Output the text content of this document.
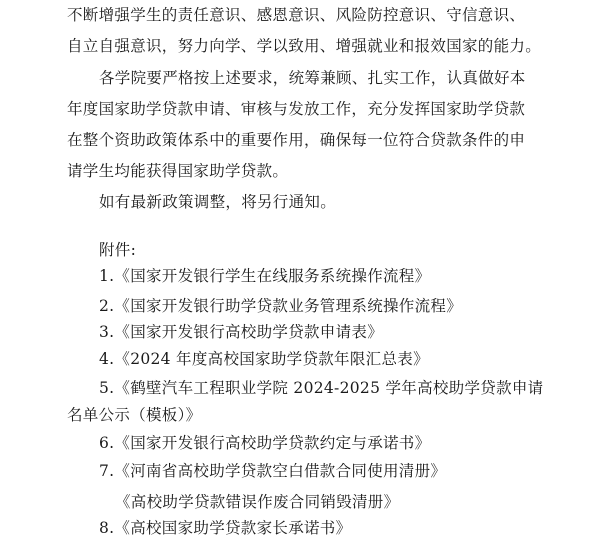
不断增强学生的责任意识、感恩意识、风险防控意识、守信意识、
自立自强意识，努力向学、学以致用、增强就业和报效国家的能力。
各学院要严格按上述要求，统筹兼顾、扎实工作，认真做好本
年度国家助学贷款申请、审核与发放工作，充分发挥国家助学贷款
在整个资助政策体系中的重要作用，确保每一位符合贷款条件的申
请学生均能获得国家助学贷款。
如有最新政策调整，将另行通知。
附件:
1.《国家开发银行学生在线服务系统操作流程》
2.《国家开发银行助学贷款业务管理系统操作流程》
3.《国家开发银行高校助学贷款申请表》
4.《2024 年度高校国家助学贷款年限汇总表》
5.《鹤壁汽车工程职业学院 2024-2025 学年高校助学贷款申请
名单公示（模板）》
6.《国家开发银行高校助学贷款约定与承诺书》
7.《河南省高校助学贷款空白借款合同使用清册》
《高校助学贷款错误作废合同销毁清册》
8.《高校国家助学贷款家长承诺书》
